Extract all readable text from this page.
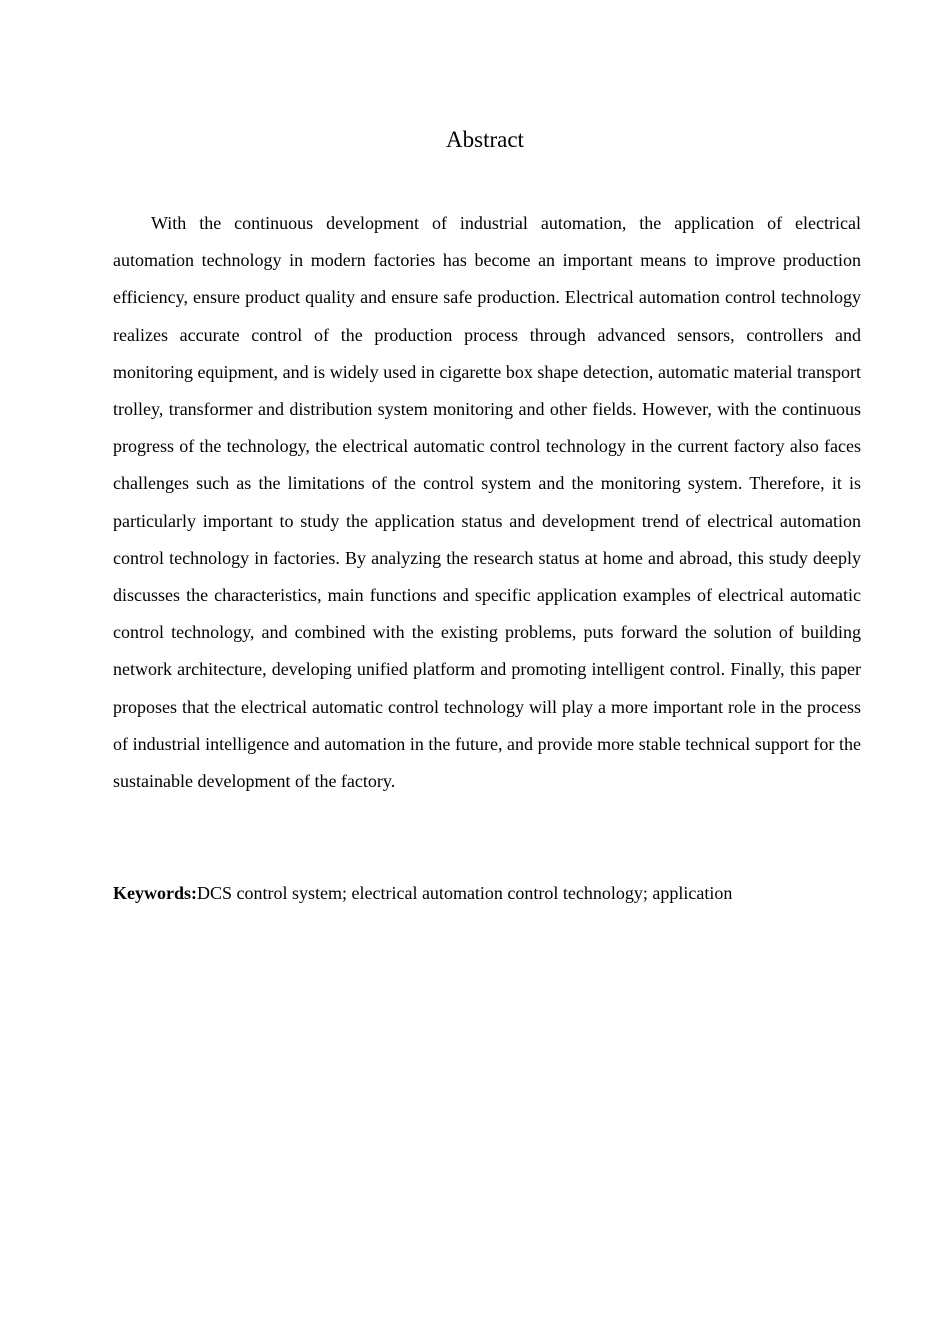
Abstract

With the continuous development of industrial automation, the application of electrical automation technology in modern factories has become an important means to improve production efficiency, ensure product quality and ensure safe production. Electrical automation control technology realizes accurate control of the production process through advanced sensors, controllers and monitoring equipment, and is widely used in cigarette box shape detection, automatic material transport trolley, transformer and distribution system monitoring and other fields. However, with the continuous progress of the technology, the electrical automatic control technology in the current factory also faces challenges such as the limitations of the control system and the monitoring system. Therefore, it is particularly important to study the application status and development trend of electrical automation control technology in factories. By analyzing the research status at home and abroad, this study deeply discusses the characteristics, main functions and specific application examples of electrical automatic control technology, and combined with the existing problems, puts forward the solution of building network architecture, developing unified platform and promoting intelligent control. Finally, this paper proposes that the electrical automatic control technology will play a more important role in the process of industrial intelligence and automation in the future, and provide more stable technical support for the sustainable development of the factory.

Keywords:DCS control system; electrical automation control technology; application
